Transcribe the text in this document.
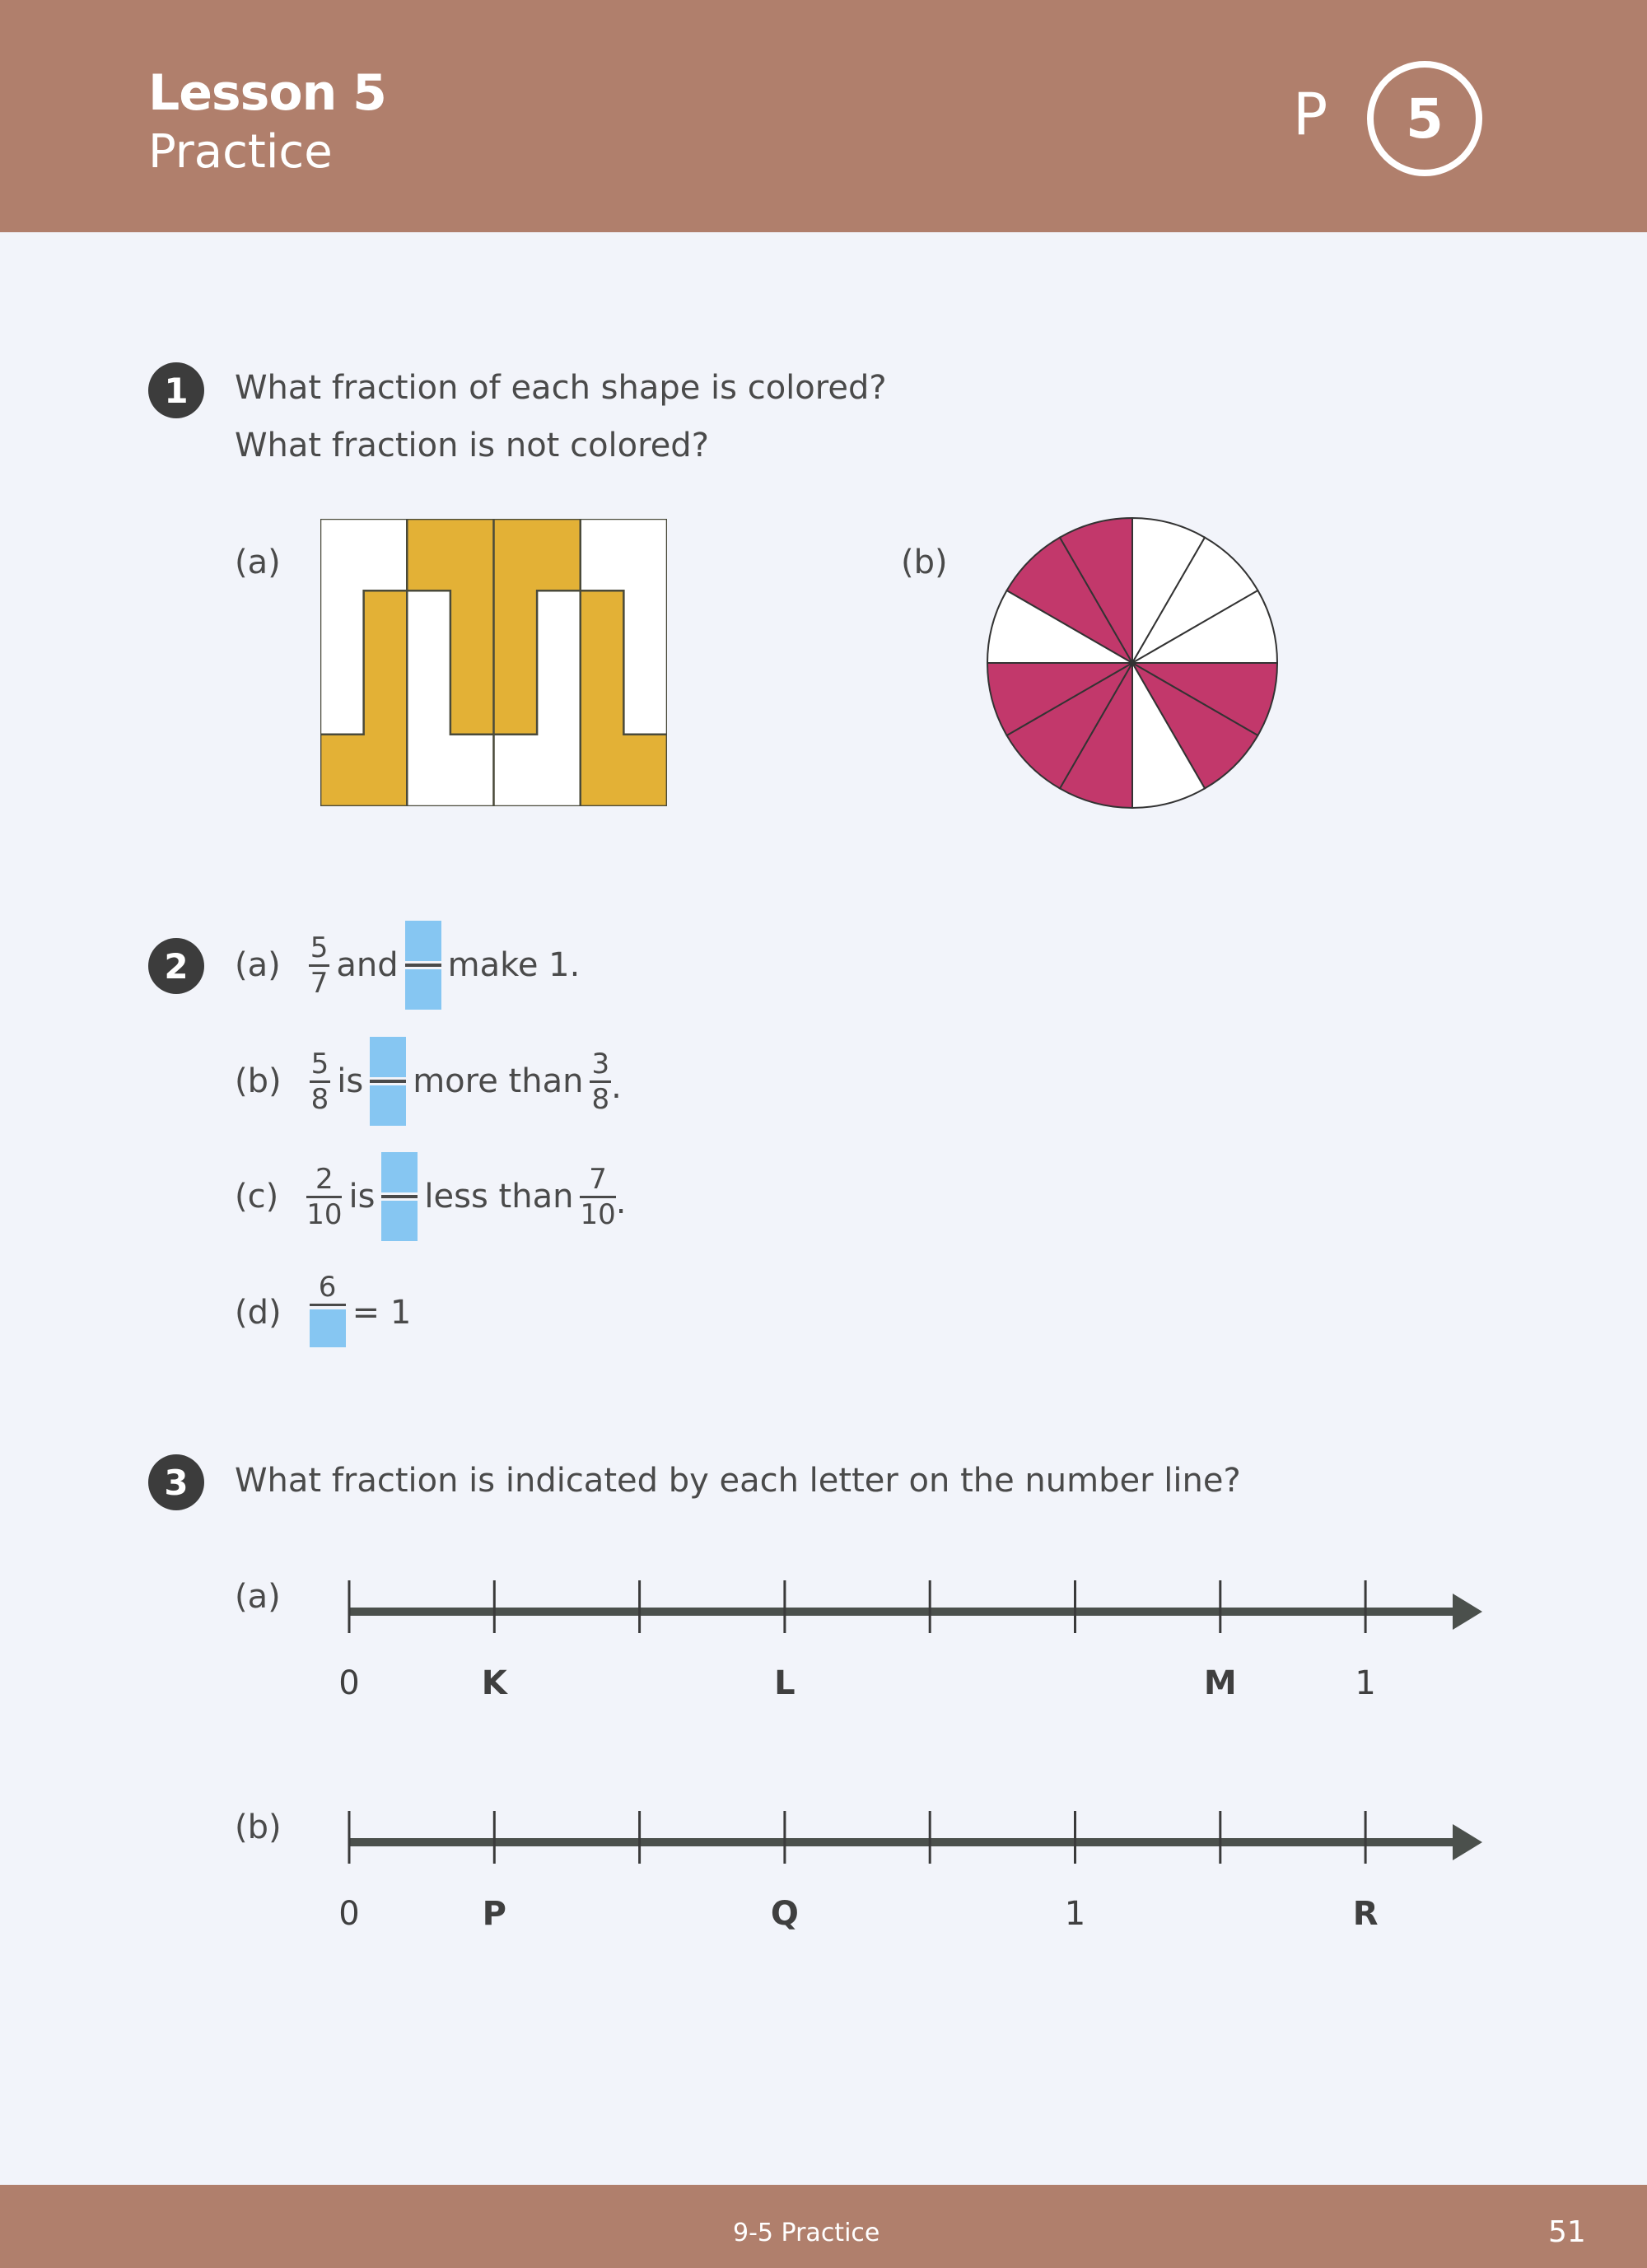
Lesson 5
Practice
P	5
1	What fraction of each shape is colored?
What fraction is not colored?
(a)	(b)
2	$(a) \frac{5}{7}$ and make 1.
$(b) \frac{5}{8}$ is more than $\frac{3}{8}$ .
$(c) \frac{2}{10}$ is less than $\frac{7}{10}$ .
(d)
6
= 1
3	What fraction is indicated by each letter on the number line?
(a)
(b)
0	K	L	M	1
0	P	Q	1	R
9-5 Practice	51
